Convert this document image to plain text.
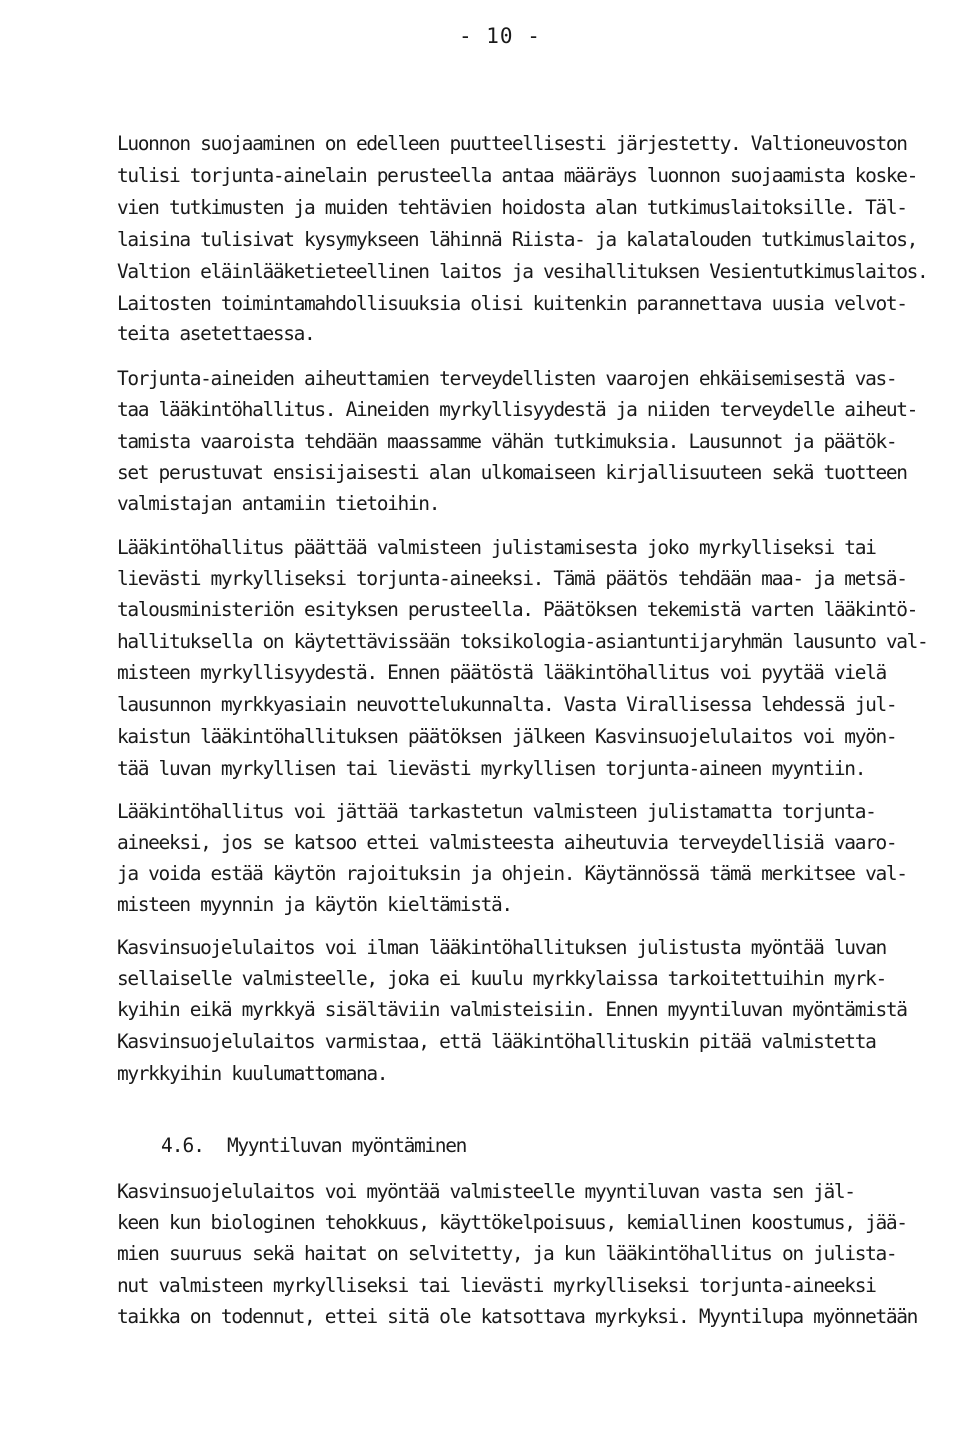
- 10 -
Luonnon suojaaminen on edelleen puutteellisesti järjestetty. Valtioneuvoston
tulisi torjunta-ainelain perusteella antaa määräys luonnon suojaamista koske-
vien tutkimusten ja muiden tehtävien hoidosta alan tutkimuslaitoksille. Täl-
laisina tulisivat kysymykseen lähinnä Riista- ja kalatalouden tutkimuslaitos,
Valtion eläinlääketieteellinen laitos ja vesihallituksen Vesientutkimuslaitos.
Laitosten toimintamahdollisuuksia olisi kuitenkin parannettava uusia velvot-
teita asetettaessa.
Torjunta-aineiden aiheuttamien terveydellisten vaarojen ehkäisemisestä vas-
taa lääkintöhallitus. Aineiden myrkyllisyydestä ja niiden terveydelle aiheut-
tamista vaaroista tehdään maassamme vähän tutkimuksia. Lausunnot ja päätök-
set perustuvat ensisijaisesti alan ulkomaiseen kirjallisuuteen sekä tuotteen
valmistajan antamiin tietoihin.
Lääkintöhallitus päättää valmisteen julistamisesta joko myrkylliseksi tai
lievästi myrkylliseksi torjunta-aineeksi. Tämä päätös tehdään maa- ja metsä-
talousministeriön esityksen perusteella. Päätöksen tekemistä varten lääkintö-
hallituksella on käytettävissään toksikologia-asiantuntijaryhmän lausunto val-
misteen myrkyllisyydestä. Ennen päätöstä lääkintöhallitus voi pyytää vielä
lausunnon myrkkyasiain neuvottelukunnalta. Vasta Virallisessa lehdessä jul-
kaistun lääkintöhallituksen päätöksen jälkeen Kasvinsuojelulaitos voi myön-
tää luvan myrkyllisen tai lievästi myrkyllisen torjunta-aineen myyntiin.
Lääkintöhallitus voi jättää tarkastetun valmisteen julistamatta torjunta-
aineeksi, jos se katsoo ettei valmisteesta aiheutuvia terveydellisiä vaaro-
ja voida estää käytön rajoituksin ja ohjein. Käytännössä tämä merkitsee val-
misteen myynnin ja käytön kieltämistä.
Kasvinsuojelulaitos voi ilman lääkintöhallituksen julistusta myöntää luvan
sellaiselle valmisteelle, joka ei kuulu myrkkylaissa tarkoitettuihin myrk-
kyihin eikä myrkkyä sisältäviin valmisteisiin. Ennen myyntiluvan myöntämistä
Kasvinsuojelulaitos varmistaa, että lääkintöhallituskin pitää valmistetta
myrkkyihin kuulumattomana.
4.6. Myyntiluvan myöntäminen
Kasvinsuojelulaitos voi myöntää valmisteelle myyntiluvan vasta sen jäl-
keen kun biologinen tehokkuus, käyttökelpoisuus, kemiallinen koostumus, jää-
mien suuruus sekä haitat on selvitetty, ja kun lääkintöhallitus on julista-
nut valmisteen myrkylliseksi tai lievästi myrkylliseksi torjunta-aineeksi
taikka on todennut, ettei sitä ole katsottava myrkyksi. Myyntilupa myönnetään
